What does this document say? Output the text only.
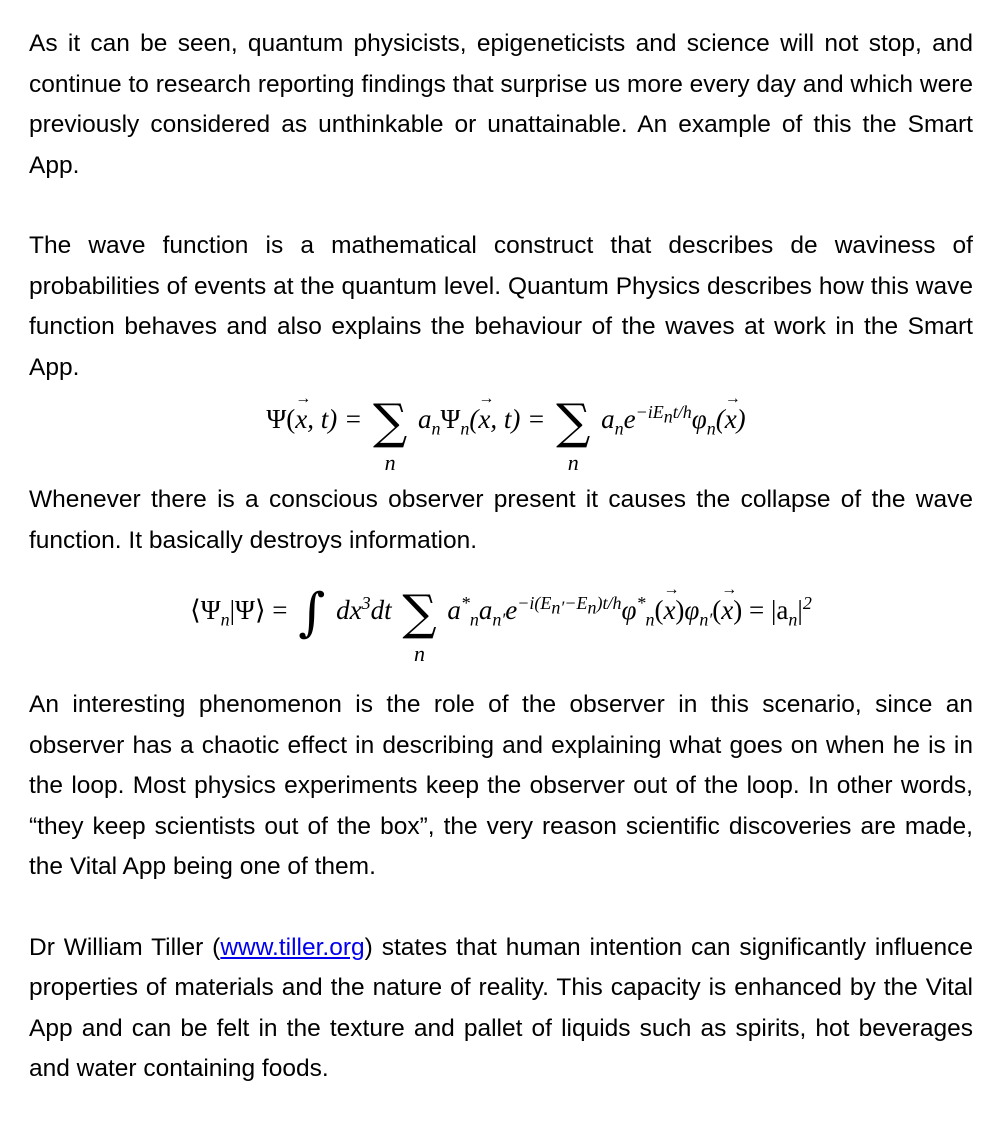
As it can be seen, quantum physicists, epigeneticists and science will not stop, and continue to research reporting findings that surprise us more every day and which were previously considered as unthinkable or unattainable. An example of this the Smart App.

The wave function is a mathematical construct that describes de waviness of probabilities of events at the quantum level. Quantum Physics describes how this wave function behaves and also explains the behaviour of the waves at work in the Smart App.

Ψ(→ x, t) = ∑
n
$a_n\Psi_n(\to x$, t) = ∑
n
$a_ne^{-iE_nt/h}\varphi_n(\to x)$

Whenever there is a conscious observer present it causes the collapse of the wave function. It basically destroys information.

$⟨\Psi_n|\Psi⟩$ = ∫ $dx^3dt$ ∑
n
$a^*_na_{n'}e^{-i(E_{n'}-E_n)t/h}\varphi^*_n(\to x)\varphi_{n'}(\to x) = |a_n|^2$

An interesting phenomenon is the role of the observer in this scenario, since an observer has a chaotic effect in describing and explaining what goes on when he is in the loop. Most physics experiments keep the observer out of the loop. In other words, “they keep scientists out of the box”, the very reason scientific discoveries are made, the Vital App being one of them.

Dr William Tiller (www.tiller.org) states that human intention can significantly influence properties of materials and the nature of reality. This capacity is enhanced by the Vital App and can be felt in the texture and pallet of liquids such as spirits, hot beverages and water containing foods.
